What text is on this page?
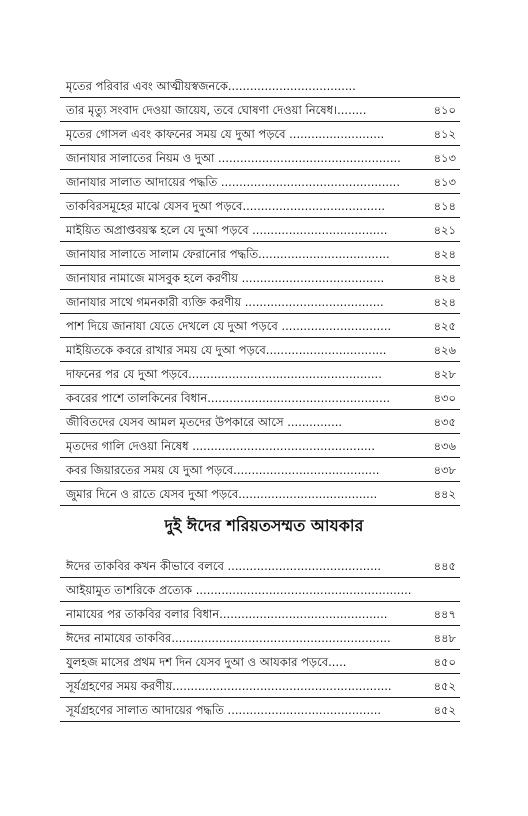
মৃতের পরিবার এবং আত্মীয়স্বজনকে...................................
তার মৃত্যু সংবাদ দেওয়া জায়েয, তবে ঘোষণা দেওয়া নিষেধ।........	৪১০
মৃতের গোসল এবং কাফনের সময় যে দুআ পড়বে ..........................	৪১২
জানাযার সালাতের নিয়ম ও দুআ ..................................................	৪১৩
জানাযার সালাত আদায়ের পদ্ধতি .................................................	৪১৩
তাকবিরসমূহের মাঝে যেসব দুআ পড়বে.......................................	৪১৪
মাইয়িত অপ্রাপ্তবয়স্ক হলে যে দুআ পড়বে .....................................	৪২১
জানাযার সালাতে সালাম ফেরানোর পদ্ধতি....................................	৪২৪
জানাযার নামাজে মাসবুক হলে করণীয় .......................................	৪২৪
জানাযার সাথে গমনকারী ব্যক্তি করণীয় ......................................	৪২৪
পাশ দিয়ে জানাযা যেতে দেখলে যে দুআ পড়বে ..............................	৪২৫
মাইয়িতকে কবরে রাখার সময় যে দুআ পড়বে.................................	৪২৬
দাফনের পর যে দুআ পড়বে.....................................................	৪২৮
কবরের পাশে তালকিনের বিধান..................................................	৪৩০
জীবিতদের যেসব আমল মৃতদের উপকারে আসে ...............	৪৩৫
মৃতদের গালি দেওয়া নিষেধ ..................................................	৪৩৬
কবর জিয়ারতের সময় যে দুআ পড়বে........................................	৪৩৮
জুমার দিনে ও রাতে যেসব দুআ পড়বে......................................	৪৪২
দুই ঈদের শরিয়তসম্মত আযকার
ঈদের তাকবির কখন কীভাবে বলবে ..........................................	৪৪৫
আইয়ামুত তাশরিকে প্রত্যেক ...........................................................
নামাযের পর তাকবির বলার বিধান..............................................	৪৪৭
ঈদের নামাযের তাকবির............................................................	৪৪৮
যুলহজ মাসের প্রথম দশ দিন যেসব দুআ ও আযকার পড়বে.....	৪৫০
সূর্যগ্রহণের সময় করণীয়............................................................	৪৫২
সূর্যগ্রহণের সালাত আদায়ের পদ্ধতি ..........................................	৪৫২
